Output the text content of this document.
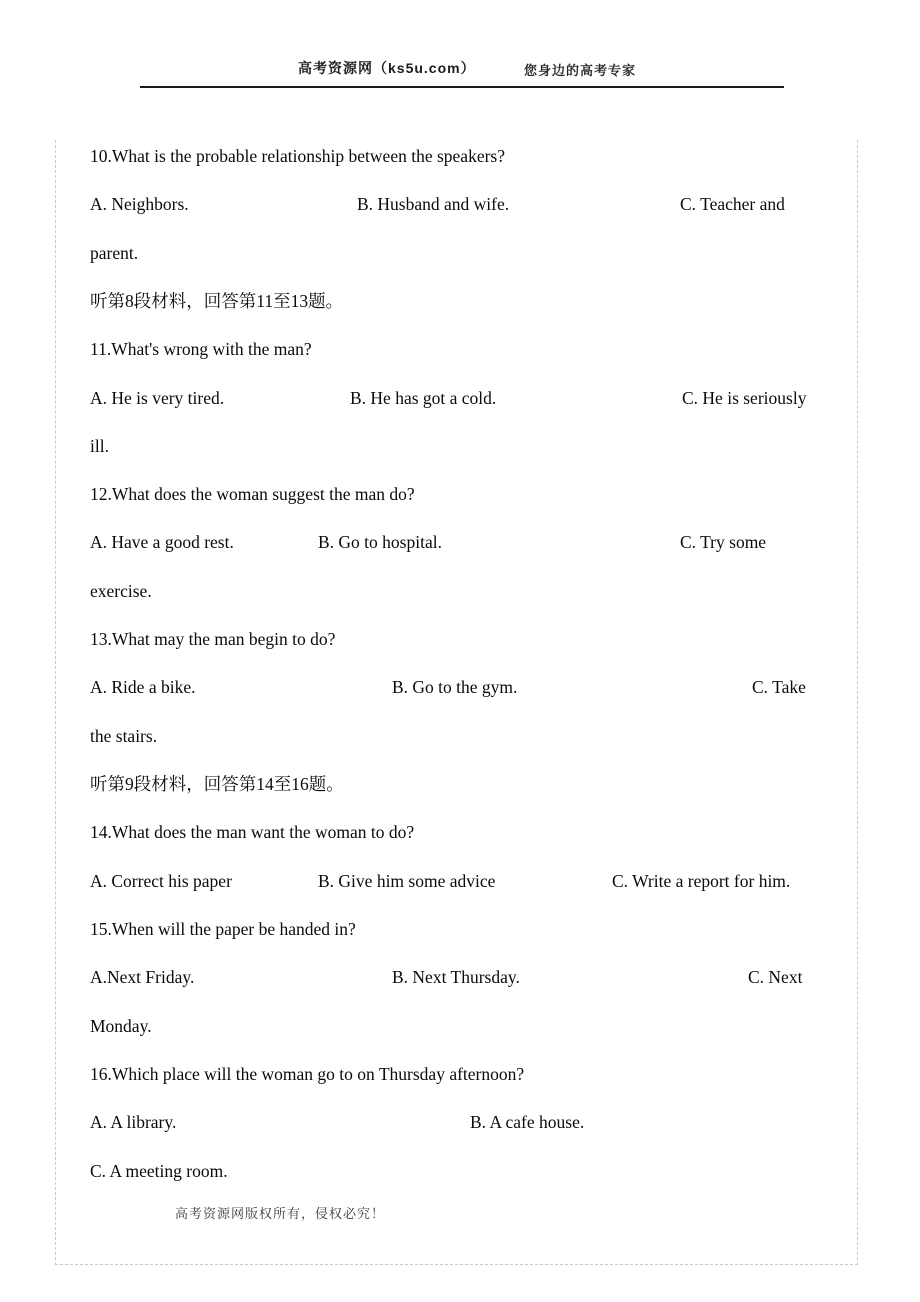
高考资源网（ks5u.com）	您身边的高考专家
10.What is the probable relationship between the speakers?
A. Neighbors.	B. Husband and wife.	C. Teacher and
parent.
听第8段材料，回答第11至13题。
11.What's wrong with the man?
A. He is very tired.	B. He has got a cold.	C. He is seriously
ill.
12.What does the woman suggest the man do?
A. Have a good rest.	B. Go to hospital.	C. Try some
exercise.
13.What may the man begin to do?
A. Ride a bike.	B. Go to the gym.	C. Take
the stairs.
听第9段材料，回答第14至16题。
14.What does the man want the woman to do?
A. Correct his paper	B. Give him some advice	C. Write a report for him.
15.When will the paper be handed in?
A.Next Friday.	B. Next Thursday.	C. Next
Monday.
16.Which place will the woman go to on Thursday afternoon?
A. A library.	B. A cafe house.
C. A meeting room.
高考资源网版权所有，侵权必究！
